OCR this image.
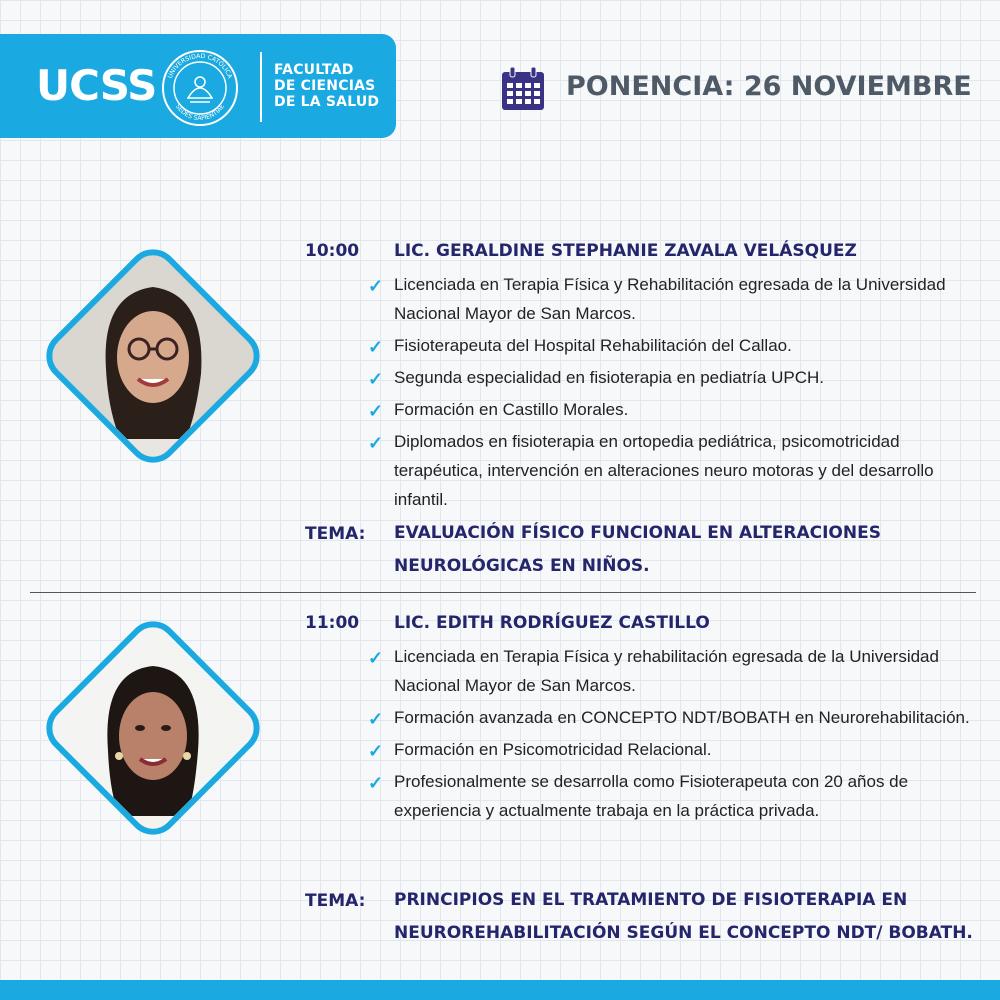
UCSS UNIVERSIDAD CATÓLICA
SEDES SAPIENTIAE
FACULTAD
DE CIENCIAS
DE LA SALUD	PONENCIA: 26 NOVIEMBRE
10:00 LIC. GERALDINE STEPHANIE ZAVALA VELÁSQUEZ
✓ Licenciada en Terapia Física y Rehabilitación egresada de la Universidad Nacional Mayor de San Marcos.
✓ Fisioterapeuta del Hospital Rehabilitación del Callao.
✓ Segunda especialidad en fisioterapia en pediatría UPCH.
✓ Formación en Castillo Morales.
✓ Diplomados en fisioterapia en ortopedia pediátrica, psicomotricidad terapéutica, intervención en alteraciones neuro motoras y del desarrollo infantil.
TEMA: EVALUACIÓN FÍSICO FUNCIONAL EN ALTERACIONES NEUROLÓGICAS EN NIÑOS.
11:00 LIC. EDITH RODRÍGUEZ CASTILLO
✓ Licenciada en Terapia Física y rehabilitación egresada de la Universidad Nacional Mayor de San Marcos.
✓ Formación avanzada en CONCEPTO NDT/BOBATH en Neurorehabilitación.
✓ Formación en Psicomotricidad Relacional.
✓ Profesionalmente se desarrolla como Fisioterapeuta con 20 años de experiencia y actualmente trabaja en la práctica privada.
TEMA: PRINCIPIOS EN EL TRATAMIENTO DE FISIOTERAPIA EN NEUROREHABILITACIÓN SEGÚN EL CONCEPTO NDT/ BOBATH.
